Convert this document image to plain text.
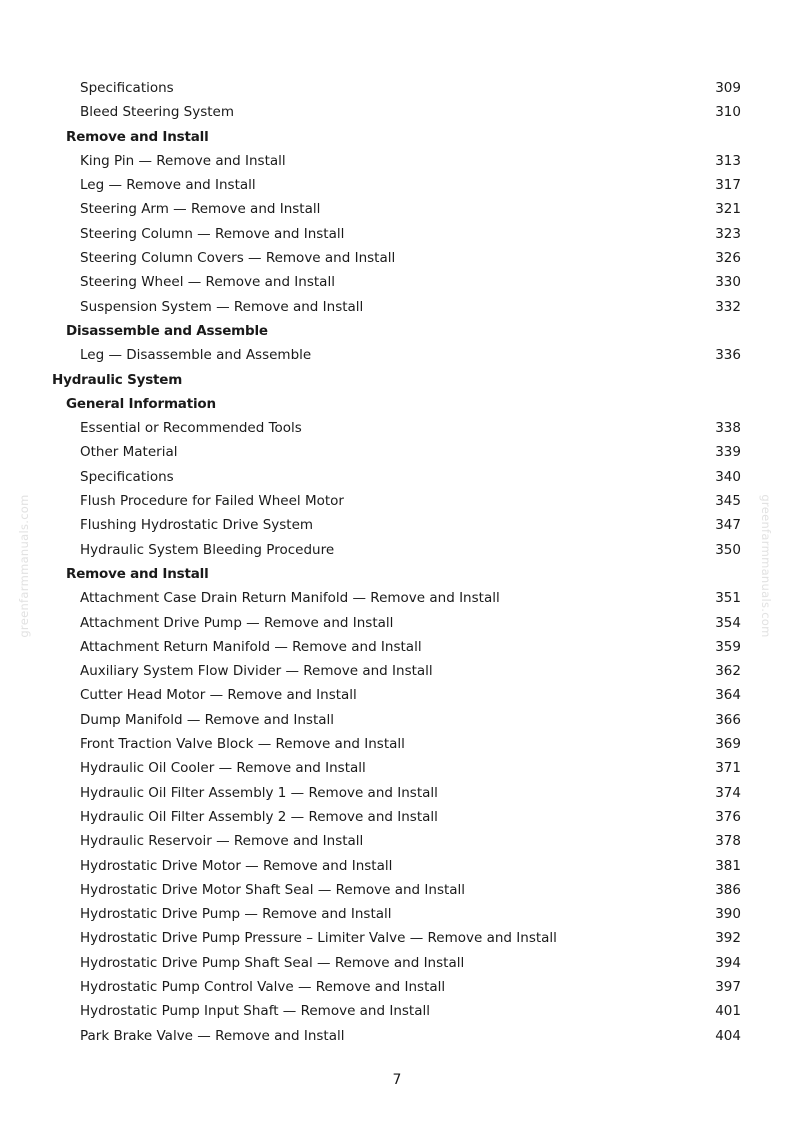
greenfarmmanuals.com	greenfarmmanuals.com
Specifications	309
Bleed Steering System	310
Remove and Install
King Pin — Remove and Install	313
Leg — Remove and Install	317
Steering Arm — Remove and Install	321
Steering Column — Remove and Install	323
Steering Column Covers — Remove and Install	326
Steering Wheel — Remove and Install	330
Suspension System — Remove and Install	332
Disassemble and Assemble
Leg — Disassemble and Assemble	336
Hydraulic System
General Information
Essential or Recommended Tools	338
Other Material	339
Specifications	340
Flush Procedure for Failed Wheel Motor	345
Flushing Hydrostatic Drive System	347
Hydraulic System Bleeding Procedure	350
Remove and Install
Attachment Case Drain Return Manifold — Remove and Install	351
Attachment Drive Pump — Remove and Install	354
Attachment Return Manifold — Remove and Install	359
Auxiliary System Flow Divider — Remove and Install	362
Cutter Head Motor — Remove and Install	364
Dump Manifold — Remove and Install	366
Front Traction Valve Block — Remove and Install	369
Hydraulic Oil Cooler — Remove and Install	371
Hydraulic Oil Filter Assembly 1 — Remove and Install	374
Hydraulic Oil Filter Assembly 2 — Remove and Install	376
Hydraulic Reservoir — Remove and Install	378
Hydrostatic Drive Motor — Remove and Install	381
Hydrostatic Drive Motor Shaft Seal — Remove and Install	386
Hydrostatic Drive Pump — Remove and Install	390
Hydrostatic Drive Pump Pressure – Limiter Valve — Remove and Install	392
Hydrostatic Drive Pump Shaft Seal — Remove and Install	394
Hydrostatic Pump Control Valve — Remove and Install	397
Hydrostatic Pump Input Shaft — Remove and Install	401
Park Brake Valve — Remove and Install	404
7
